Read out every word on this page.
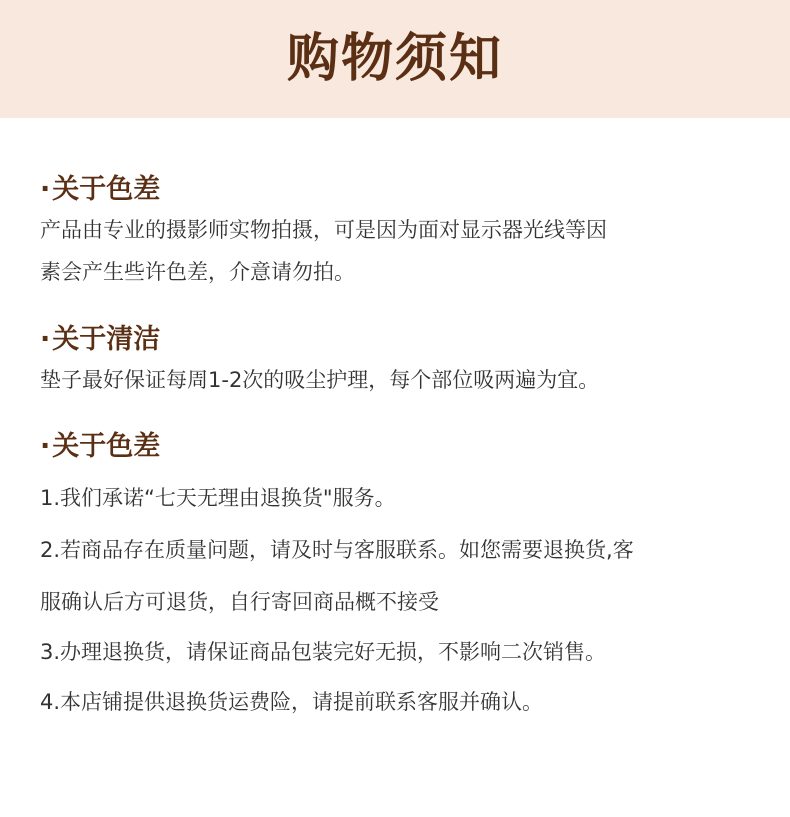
购物须知
·关于色差
产品由专业的摄影师实物拍摄，可是因为面对显示器光线等因
素会产生些许色差，介意请勿拍。
·关于清洁
垫子最好保证每周1-2次的吸尘护理，每个部位吸两遍为宜。
·关于色差
1.我们承诺“七天无理由退换货"服务。
2.若商品存在质量问题，请及时与客服联系。如您需要退换货,客
服确认后方可退货，自行寄回商品概不接受
3.办理退换货，请保证商品包装完好无损，不影响二次销售。
4.本店铺提供退换货运费险，请提前联系客服并确认。
